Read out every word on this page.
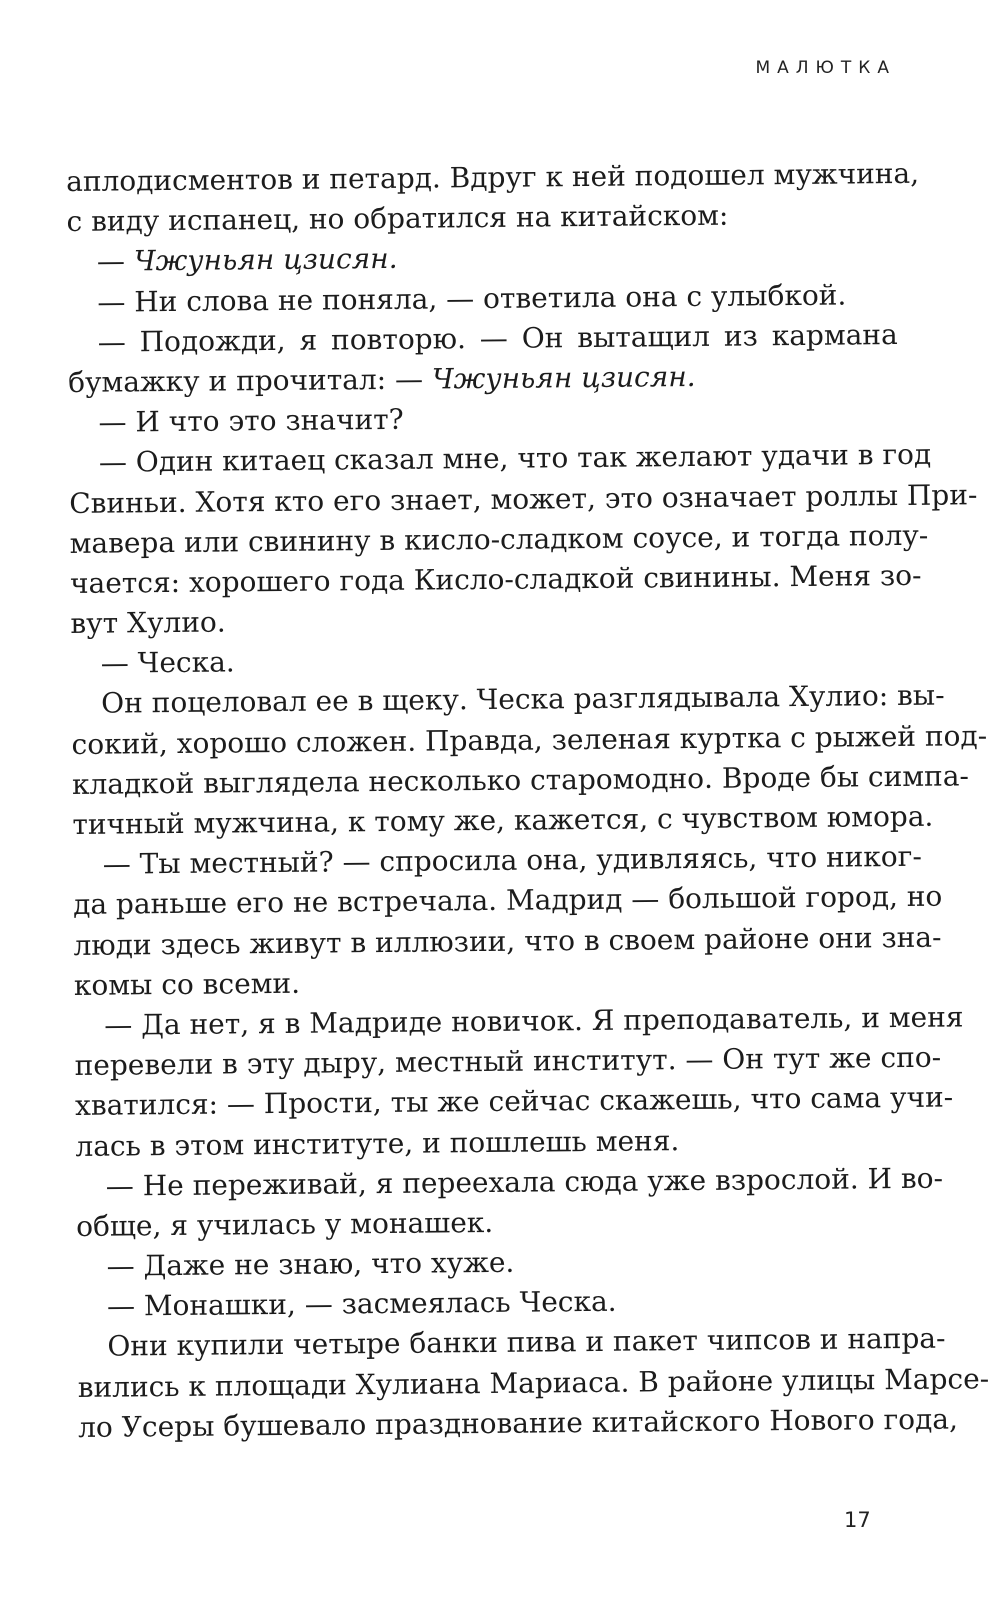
МАЛЮТКА
аплодисментов и петард. Вдруг к ней подошел мужчина,
с виду испанец, но обратился на китайском:
— Чжуньян цзисян.
— Ни слова не поняла, — ответила она с улыбкой.
— Подожди, я повторю. — Он вытащил из кармана
бумажку и прочитал: — Чжуньян цзисян.
— И что это значит?
— Один китаец сказал мне, что так желают удачи в год
Свиньи. Хотя кто его знает, может, это означает роллы При-
мавера или свинину в кисло-сладком соусе, и тогда полу-
чается: хорошего года Кисло-сладкой свинины. Меня зо-
вут Хулио.
— Ческа.
Он поцеловал ее в щеку. Ческа разглядывала Хулио: вы-
сокий, хорошо сложен. Правда, зеленая куртка с рыжей под-
кладкой выглядела несколько старомодно. Вроде бы симпа-
тичный мужчина, к тому же, кажется, с чувством юмора.
— Ты местный? — спросила она, удивляясь, что никог-
да раньше его не встречала. Мадрид — большой город, но
люди здесь живут в иллюзии, что в своем районе они зна-
комы со всеми.
— Да нет, я в Мадриде новичок. Я преподаватель, и меня
перевели в эту дыру, местный институт. — Он тут же спо-
хватился: — Прости, ты же сейчас скажешь, что сама учи-
лась в этом институте, и пошлешь меня.
— Не переживай, я переехала сюда уже взрослой. И во-
обще, я училась у монашек.
— Даже не знаю, что хуже.
— Монашки, — засмеялась Ческа.
Они купили четыре банки пива и пакет чипсов и напра-
вились к площади Хулиана Мариаса. В районе улицы Марсе-
ло Усеры бушевало празднование китайского Нового года,
17
